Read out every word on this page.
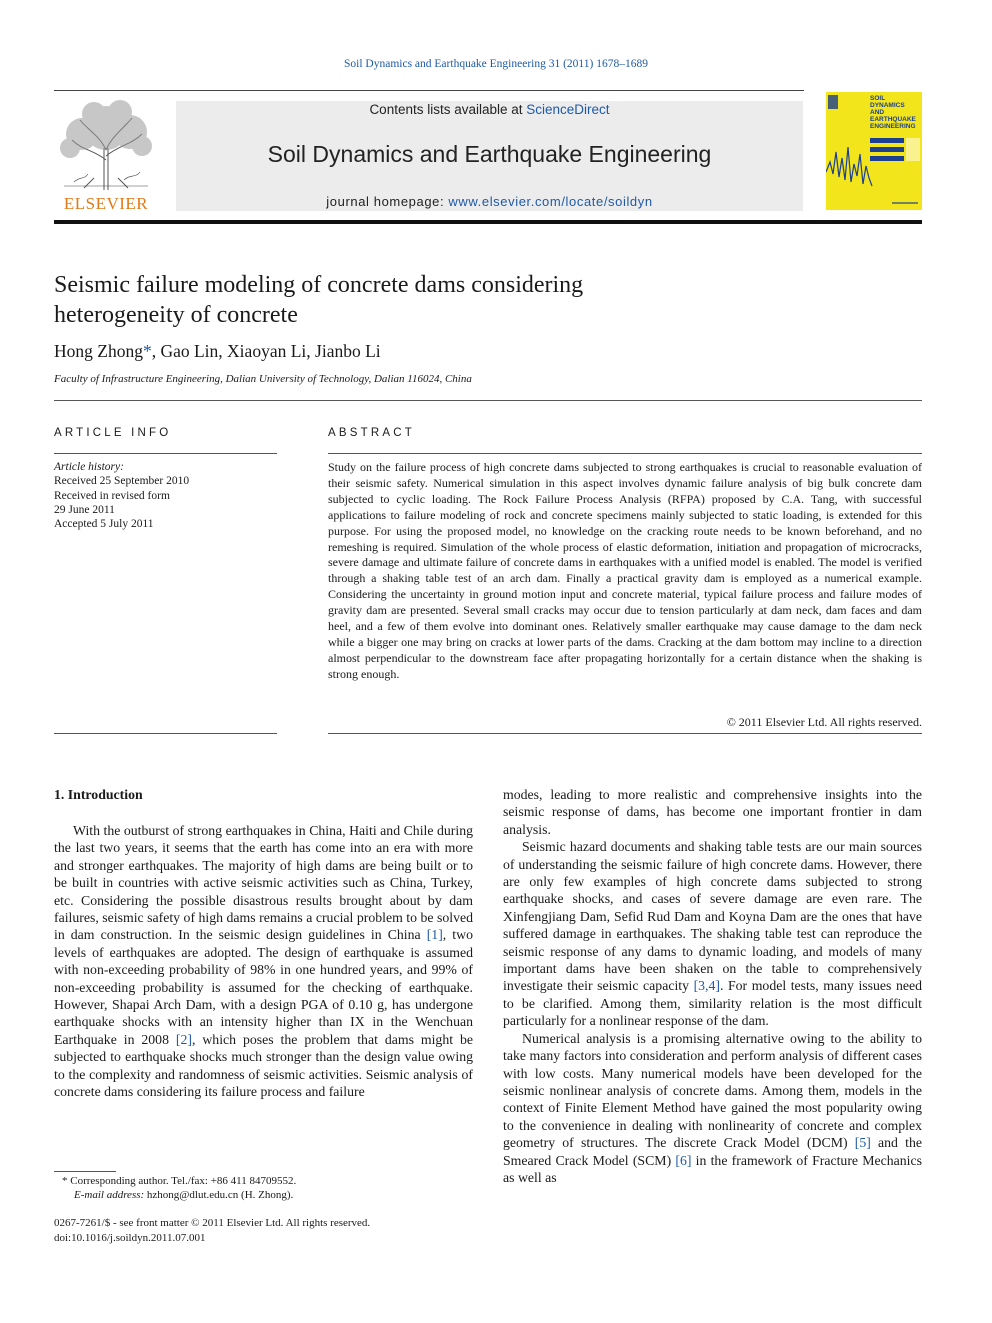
Soil Dynamics and Earthquake Engineering 31 (2011) 1678–1689
ELSEVIER
Contents lists available at ScienceDirect
Soil Dynamics and Earthquake Engineering
journal homepage: www.elsevier.com/locate/soildyn
SOIL
DYNAMICS
AND
EARTHQUAKE
ENGINEERING
Seismic failure modeling of concrete dams considering
heterogeneity of concrete
Hong Zhong*, Gao Lin, Xiaoyan Li, Jianbo Li
Faculty of Infrastructure Engineering, Dalian University of Technology, Dalian 116024, China
ARTICLE INFO
Article history:
Received 25 September 2010
Received in revised form
29 June 2011
Accepted 5 July 2011
ABSTRACT
Study on the failure process of high concrete dams subjected to strong earthquakes is crucial to reasonable evaluation of their seismic safety. Numerical simulation in this aspect involves dynamic failure analysis of big bulk concrete dam subjected to cyclic loading. The Rock Failure Process Analysis (RFPA) proposed by C.A. Tang, with successful applications to failure modeling of rock and concrete specimens mainly subjected to static loading, is extended for this purpose. For using the proposed model, no knowledge on the cracking route needs to be known beforehand, and no remeshing is required. Simulation of the whole process of elastic deformation, initiation and propagation of microcracks, severe damage and ultimate failure of concrete dams in earthquakes with a unified model is enabled. The model is verified through a shaking table test of an arch dam. Finally a practical gravity dam is employed as a numerical example. Considering the uncertainty in ground motion input and concrete material, typical failure process and failure modes of gravity dam are presented. Several small cracks may occur due to tension particularly at dam neck, dam faces and dam heel, and a few of them evolve into dominant ones. Relatively smaller earthquake may cause damage to the dam neck while a bigger one may bring on cracks at lower parts of the dams. Cracking at the dam bottom may incline to a direction almost perpendicular to the downstream face after propagating horizontally for a certain distance when the shaking is strong enough.
© 2011 Elsevier Ltd. All rights reserved.
1. Introduction

With the outburst of strong earthquakes in China, Haiti and Chile during the last two years, it seems that the earth has come into an era with more and stronger earthquakes. The majority of high dams are being built or to be built in countries with active seismic activities such as China, Turkey, etc. Considering the possible disastrous results brought about by dam failures, seismic safety of high dams remains a crucial problem to be solved in dam construction. In the seismic design guidelines in China [1], two levels of earthquakes are adopted. The design of earthquake is assumed with non-exceeding probability of 98% in one hundred years, and 99% of non-exceeding probability is assumed for the checking of earthquake. However, Shapai Arch Dam, with a design PGA of 0.10 g, has undergone earthquake shocks with an intensity higher than IX in the Wenchuan Earthquake in 2008 [2], which poses the problem that dams might be subjected to earthquake shocks much stronger than the design value owing to the complexity and randomness of seismic activities. Seismic analysis of concrete dams considering its failure process and failure

modes, leading to more realistic and comprehensive insights into the seismic response of dams, has become one important frontier in dam analysis.

Seismic hazard documents and shaking table tests are our main sources of understanding the seismic failure of high concrete dams. However, there are only few examples of high concrete dams subjected to strong earthquake shocks, and cases of severe damage are even rare. The Xinfengjiang Dam, Sefid Rud Dam and Koyna Dam are the ones that have suffered damage in earthquakes. The shaking table test can reproduce the seismic response of any dams to dynamic loading, and models of many important dams have been shaken on the table to comprehensively investigate their seismic capacity [3,4]. For model tests, many issues need to be clarified. Among them, similarity relation is the most difficult particularly for a nonlinear response of the dam.

Numerical analysis is a promising alternative owing to the ability to take many factors into consideration and perform analysis of different cases with low costs. Many numerical models have been developed for the seismic nonlinear analysis of concrete dams. Among them, models in the context of Finite Element Method have gained the most popularity owing to the convenience in dealing with nonlinearity of concrete and complex geometry of structures. The discrete Crack Model (DCM) [5] and the Smeared Crack Model (SCM) [6] in the framework of Fracture Mechanics as well as

* Corresponding author. Tel./fax: +86 411 84709552.
E-mail address: hzhong@dlut.edu.cn (H. Zhong).
0267-7261/$ - see front matter © 2011 Elsevier Ltd. All rights reserved.
doi:10.1016/j.soildyn.2011.07.001
